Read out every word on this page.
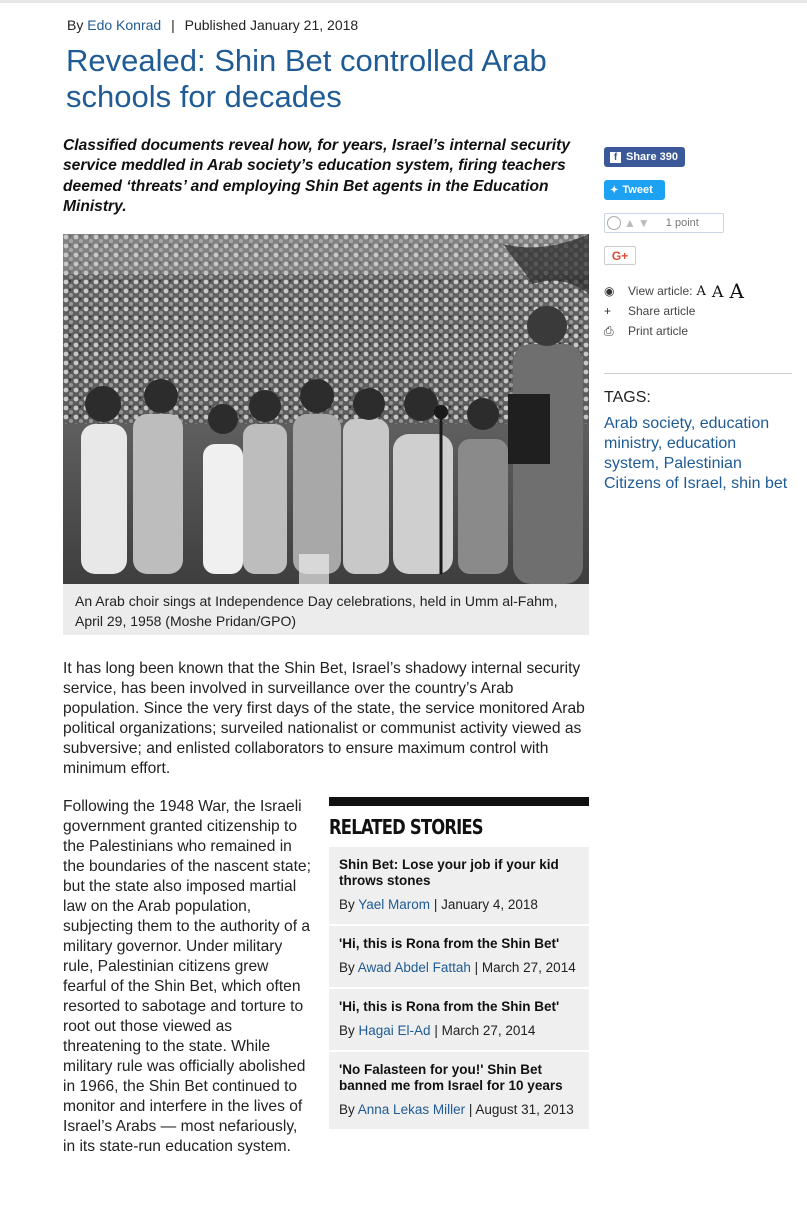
By Edo Konrad | Published January 21, 2018
Revealed: Shin Bet controlled Arab schools for decades

Classified documents reveal how, for years, Israel’s internal security service meddled in Arab society’s education system, firing teachers deemed ‘threats’ and employing Shin Bet agents in the Education Ministry.

An Arab choir sings at Independence Day celebrations, held in Umm al-Fahm, April 29, 1958 (Moshe Pridan/GPO)

It has long been known that the Shin Bet, Israel’s shadowy internal security service, has been involved in surveillance over the country’s Arab population. Since the very first days of the state, the service monitored Arab political organizations; surveiled nationalist or communist activity viewed as subversive; and enlisted collaborators to ensure maximum control with minimum effort.

Following the 1948 War, the Israeli government granted citizenship to the Palestinians who remained in the boundaries of the nascent state; but the state also imposed martial law on the Arab population, subjecting them to the authority of a military governor. Under military rule, Palestinian citizens grew fearful of the Shin Bet, which often resorted to sabotage and torture to root out those viewed as threatening to the state. While military rule was officially abolished in 1966, the Shin Bet continued to monitor and interfere in the lives of Israel’s Arabs — most nefariously, in its state-run education system.

RELATED STORIES
Shin Bet: Lose your job if your kid throws stones
By Yael Marom | January 4, 2018
'Hi, this is Rona from the Shin Bet'
By Awad Abdel Fattah | March 27, 2014
'Hi, this is Rona from the Shin Bet'
By Hagai El-Ad | March 27, 2014
'No Falasteen for you!' Shin Bet banned me from Israel for 10 years
By Anna Lekas Miller | August 31, 2013
f Share 390
✦ Tweet
▲ ▼ 1 point
G+
◉	View article: A A A
+	Share article
⎙	Print article
TAGS:
Arab society, education ministry, education system, Palestinian Citizens of Israel, shin bet
